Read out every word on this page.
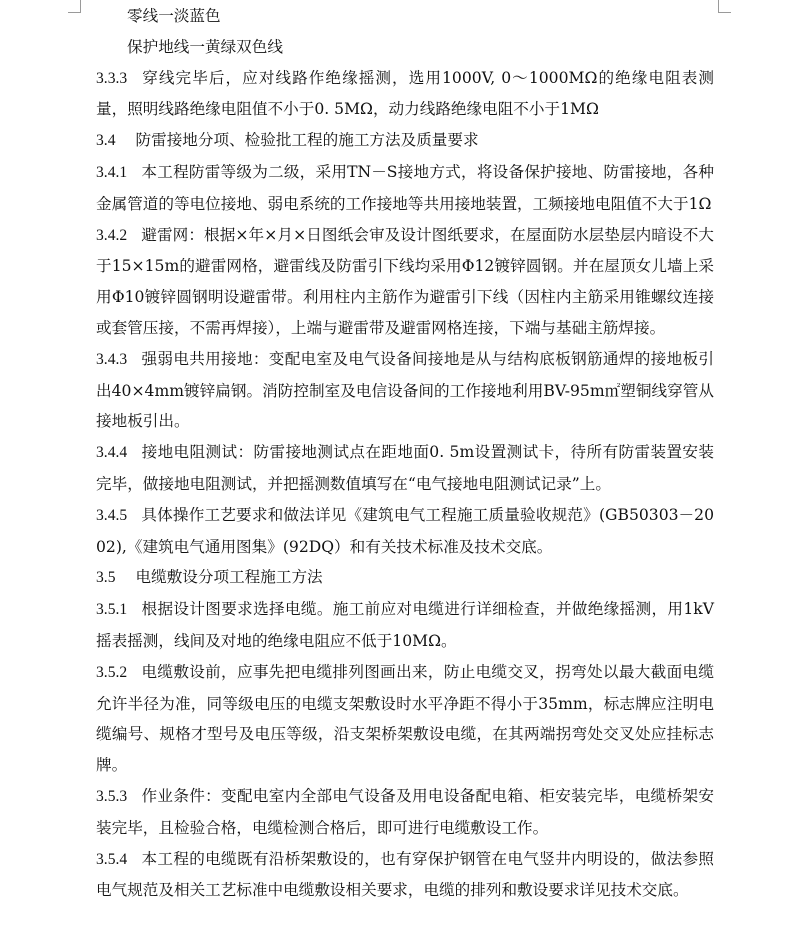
零线一淡蓝色

保护地线一黄绿双色线

3.3.3 穿线完毕后，应对线路作绝缘摇测，选用1000V, 0～1000MΩ的绝缘电阻表测量，照明线路绝缘电阻值不小于0. 5MΩ，动力线路绝缘电阻不小于1MΩ

3.4 防雷接地分项、检验批工程的施工方法及质量要求

3.4.1 本工程防雷等级为二级，采用TN－S接地方式，将设备保护接地、防雷接地，各种金属管道的等电位接地、弱电系统的工作接地等共用接地装置，工频接地电阻值不大于1Ω

3.4.2 避雷网：根据×年×月×日图纸会审及设计图纸要求，在屋面防水层垫层内暗设不大于15×15m的避雷网格，避雷线及防雷引下线均采用Φ12镀锌圆钢。并在屋顶女儿墙上采用Φ10镀锌圆钢明设避雷带。利用柱内主筋作为避雷引下线（因柱内主筋采用锥螺纹连接或套管压接，不需再焊接），上端与避雷带及避雷网格连接，下端与基础主筋焊接。

3.4.3 强弱电共用接地：变配电室及电气设备间接地是从与结构底板钢筋通焊的接地板引出40×4mm镀锌扁钢。消防控制室及电信设备间的工作接地利用BV-95m㎡塑铜线穿管从接地板引出。

3.4.4 接地电阻测试：防雷接地测试点在距地面0. 5m设置测试卡，待所有防雷装置安装完毕，做接地电阻测试，并把摇测数值填写在“电气接地电阻测试记录”上。

3.4.5 具体操作工艺要求和做法详见《建筑电气工程施工质量验收规范》(GB50303－2002),《建筑电气通用图集》(92DQ）和有关技术标准及技术交底。

3.5 电缆敷设分项工程施工方法

3.5.1 根据设计图要求选择电缆。施工前应对电缆进行详细检查，并做绝缘摇测，用1kV摇表摇测，线间及对地的绝缘电阻应不低于10MΩ。

3.5.2 电缆敷设前，应事先把电缆排列图画出来，防止电缆交叉，拐弯处以最大截面电缆允许半径为准，同等级电压的电缆支架敷设时水平净距不得小于35mm，标志牌应注明电缆编号、规格才型号及电压等级，沿支架桥架敷设电缆，在其两端拐弯处交叉处应挂标志牌。

3.5.3 作业条件：变配电室内全部电气设备及用电设备配电箱、柜安装完毕，电缆桥架安装完毕，且检验合格，电缆检测合格后，即可进行电缆敷设工作。

3.5.4 本工程的电缆既有沿桥架敷设的，也有穿保护钢管在电气竖井内明设的，做法参照电气规范及相关工艺标准中电缆敷设相关要求，电缆的排列和敷设要求详见技术交底。
